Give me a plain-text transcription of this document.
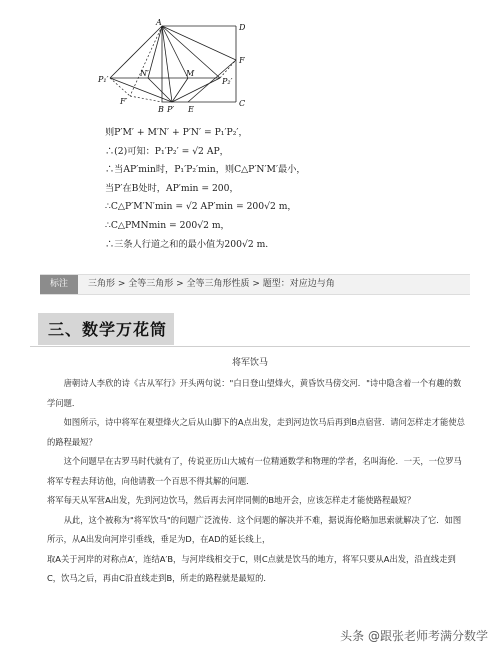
A
D
F
C
P₁′
N′	M
P₂′
F′
B P′ E
则P′M′ + M′N′ + P′N′ = P₁′P₂′，
∴(2)可知：P₁′P₂′ = √2 AP，
∴当AP′min时，P₁′P₂′min，则C△P′N′M′最小，
当P′在B处时，AP′min = 200，
∴C△P′M′N′min = √2 AP′min = 200√2 m，
∴C△PMNmin = 200√2 m，
∴三条人行道之和的最小值为200√2 m.
标注	三角形 > 全等三角形 > 全等三角形性质 > 题型：对应边与角
三、数学万花筒
将军饮马

唐朝诗人李欣的诗《古从军行》开头两句说："白日登山望烽火，黄昏饮马傍交河．"诗中隐含着一个有趣的数学问题．

如图所示，诗中将军在观望烽火之后从山脚下的A点出发，走到河边饮马后再到B点宿营．请问怎样走才能使总的路程最短？

这个问题早在古罗马时代就有了，传说亚历山大城有一位精通数学和物理的学者，名叫海伦．一天，一位罗马将军专程去拜访他，向他请教一个百思不得其解的问题．

将军每天从军营A出发，先到河边饮马，然后再去河岸同侧的B地开会，应该怎样走才能使路程最短？

从此，这个被称为"将军饮马"的问题广泛流传．这个问题的解决并不难，据说海伦略加思索就解决了它．如图所示，从A出发向河岸引垂线，垂足为D，在AD的延长线上，

取A关于河岸的对称点A′，连结A′B，与河岸线相交于C，则C点就是饮马的地方，将军只要从A出发，沿直线走到C，饮马之后，再由C沿直线走到B，所走的路程就是最短的．

头条 @跟张老师考满分数学
